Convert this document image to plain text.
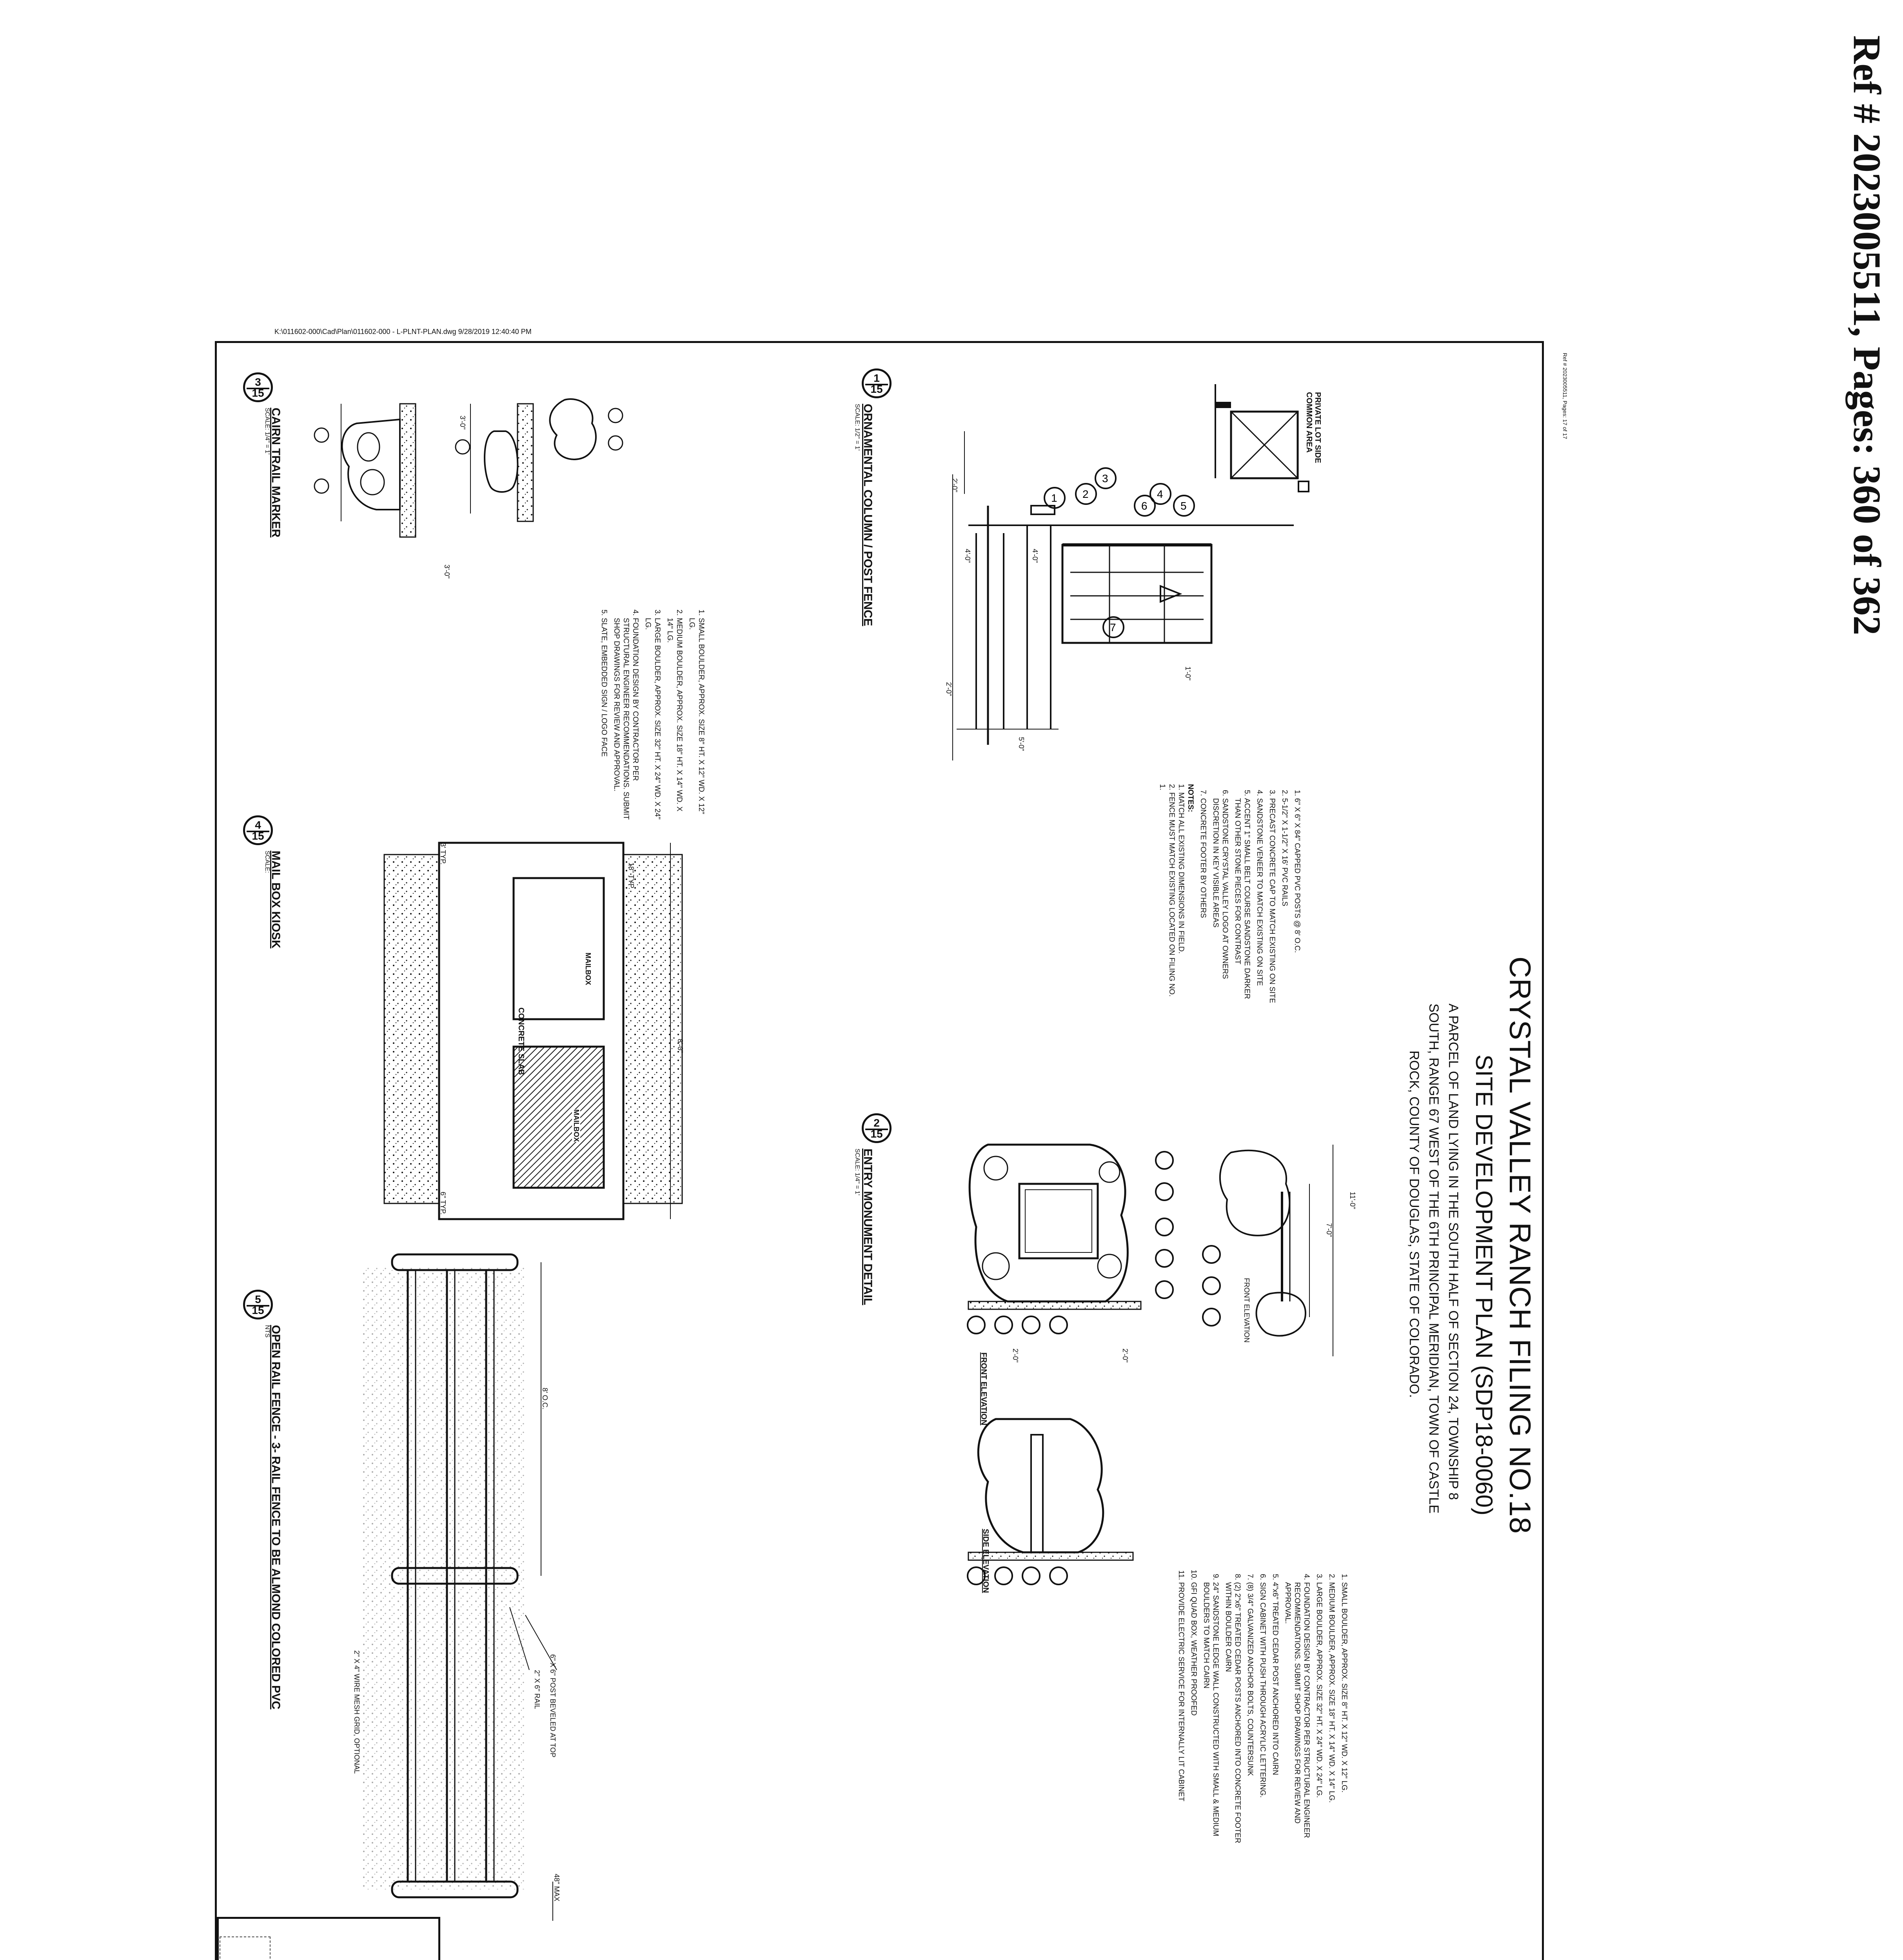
Ref # 2023005511, Pages: 360 of 362
Ref # 2023005511, Pages: 17 of 17
K:\011602-000\Cad\Plan\011602-000 - L-PLNT-PLAN.dwg 9/28/2019 12:40:40 PM
CRYSTAL VALLEY RANCH FILING NO.18
SITE DEVELOPMENT PLAN (SDP18-0060)
A PARCEL OF LAND LYING IN THE SOUTH HALF OF SECTION 24, TOWNSHIP 8
SOUTH, RANGE 67 WEST OF THE 6TH PRINCIPAL MERIDIAN, TOWN OF CASTLE
ROCK, COUNTY OF DOUGLAS, STATE OF COLORADO.
1 2
3
4
5
6
7
PRIVATE LOT SIDE
COMMON AREA
2'-0"
4'-0"	4'-0"
5'-0"
1'-0"
2'-0"
1
15
ORNAMENTAL COLUMN / POST FENCE
SCALE: 1/2" = 1'
1. 6" X 6" X 84" CAPPED PVC POSTS @ 8' O.C.
2. 5-1/2" X 1-1/2" X 16' PVC RAILS
3. PRECAST CONCRETE CAP TO MATCH EXISTING ON SITE
4. SANDSTONE VENEER TO MATCH EXISTING ON SITE
5. ACCENT 1" SMALL BELT COURSE SANDSTONE DARKER THAN OTHER STONE PIECES FOR CONTRAST
6. SANDSTONE CRYSTAL VALLEY LOGO AT OWNERS DISCRETION IN KEY VISIBLE AREAS
7. CONCRETE FOOTER BY OTHERS
NOTES:
1. MATCH ALL EXISTING DIMENSIONS IN FIELD.
2. FENCE MUST MATCH EXISTING LOCATED ON FILING NO. 1.
11'-0"
7'-0"
2'-0"
2'-0"
FRONT ELEVATION
FRONT ELEVATION
SIDE ELEVATION
2
15
ENTRY MONUMENT DETAIL
SCALE: 1/4" = 1'
1. SMALL BOULDER, APPROX. SIZE 8" HT. X 12" WD. X 12" LG.
2. MEDIUM BOULDER, APPROX. SIZE 18" HT. X 14" WD. X 14" LG.
3. LARGE BOULDER, APPROX. SIZE 32" HT. X 24" WD. X 24" LG.
4. FOUNDATION DESIGN BY CONTRACTOR PER STRUCTURAL ENGINEER RECOMMENDATIONS. SUBMIT SHOP DRAWINGS FOR REVIEW AND APPROVAL.
5. 4"x6" TREATED CEDAR POST ANCHORED INTO CAIRN
6. SIGN CABINET WITH PUSH THROUGH ACRYLIC LETTERING.
7. (8) 3/4" GALVANIZED ANCHOR BOLTS, COUNTERSUNK
8. (2) 2"x6" TREATED CEDAR POSTS ANCHORED INTO CONCRETE FOOTER WITHIN BOULDER CAIRN
9. 24" SANDSTONE LEDGE WALL CONSTRUCTED WITH SMALL & MEDIUM BOULDERS TO MATCH CAIRN
10. GFI QUAD BOX, WEATHER PROOFED
11. PROVIDE ELECTRIC SERVICE FOR INTERNALLY LIT CABINET
3'-0"
3'-0"
3
15
CAIRN TRAIL MARKER
SCALE: 1/4" = 1'
1. SMALL BOULDER, APPROX. SIZE 8" HT. X 12" WD. X 12" LG.
2. MEDIUM BOULDER, APPROX. SIZE 18" HT. X 14" WD. X 14" LG.
3. LARGE BOULDER, APPROX. SIZE 32" HT. X 24" WD. X 24" LG.
4. FOUNDATION DESIGN BY CONTRACTOR PER STRUCTURAL ENGINEER RECOMMENDATIONS. SUBMIT SHOP DRAWINGS FOR REVIEW AND APPROVAL.
5. SLATE, EMBEDDED SIGN / LOGO FACE
MAILBOX
MAILBOX
CONCRETE SLAB	8'-0"
18" TYP.
3' TYP.
6" TYP.
4
15
MAIL BOX KIOSK
SCALE:
6" X 6" POST BEVELED AT TOP
2" X 6" RAIL
2" X 4" WIRE MESH GRID, OPTIONAL
8' O.C.
48" MAX
5
15
OPEN RAIL FENCE - 3- RAIL FENCE TO BE ALMOND COLORED PVC
NTS
